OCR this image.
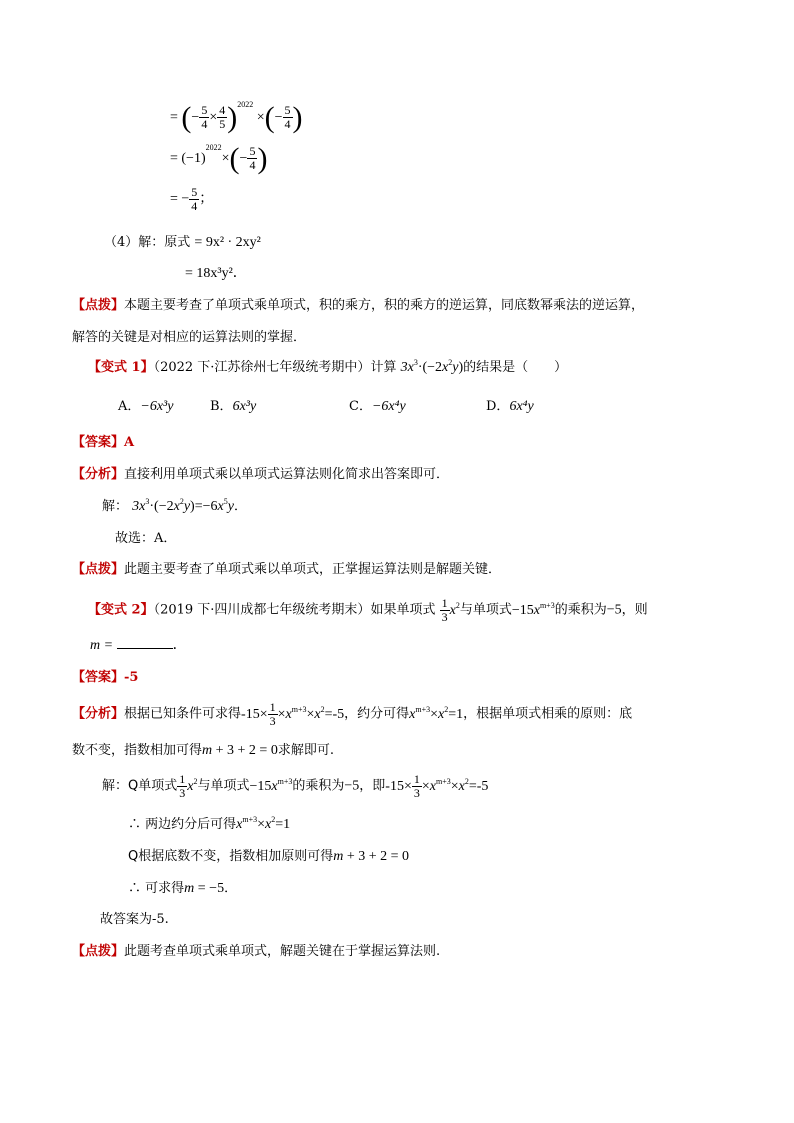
= (− $\frac{5}{4} \times \frac{4}{5} )^{2022}$ ×(− $\frac{5}{4}$ )
= $(-1)^{2022}\times(- \frac{5}{4}$ )
= − $\frac{5}{4}$ ；
（4）解：原式 = 9x² · 2xy²
= 18x³y²．
【点拨】本题主要考查了单项式乘单项式，积的乘方，积的乘方的逆运算，同底数幂乘法的逆运算，
解答的关键是对相应的运算法则的掌握．
【变式 1】（2022 下·江苏徐州七年级统考期中）计算 $3x^3\cdot(-2x^2y)$的结果是（　　）
A．−6x³y	B．6x³y	C．−6x⁴y	D．6x⁴y
【答案】A
【分析】直接利用单项式乘以单项式运算法则化简求出答案即可．
解： $3x^3\cdot(-2x^2y)=-6x^5y$．
故选：A．
【点拨】此题主要考查了单项式乘以单项式，正掌握运算法则是解题关键．
【变式 2】（2019 下·四川成都七年级统考期末）如果单项式 $\frac{1}{3} x^2$与单项式$-15x^{m+3}$的乘积为−5，则
m =	．
【答案】-5
【分析】根据已知条件可求得$-15\times \frac{1}{3} \times x^{m+3}\times x^2=-5$，约分可得$x^{m+3}\times x^2=1$，根据单项式相乘的原则：底
数不变，指数相加可得m + 3 + 2 = 0求解即可.
解：Q单项式 $\frac{1}{3} x^2$与单项式$-15x^{m+3}$的乘积为−5，即$-15\times \frac{1}{3} \times x^{m+3}\times x^2=-5$
∴ 两边约分后可得$x^{m+3}\times x^2=1$
Q根据底数不变，指数相加原则可得m + 3 + 2 = 0
∴ 可求得m = −5．
故答案为-5.
【点拨】此题考查单项式乘单项式，解题关键在于掌握运算法则.
